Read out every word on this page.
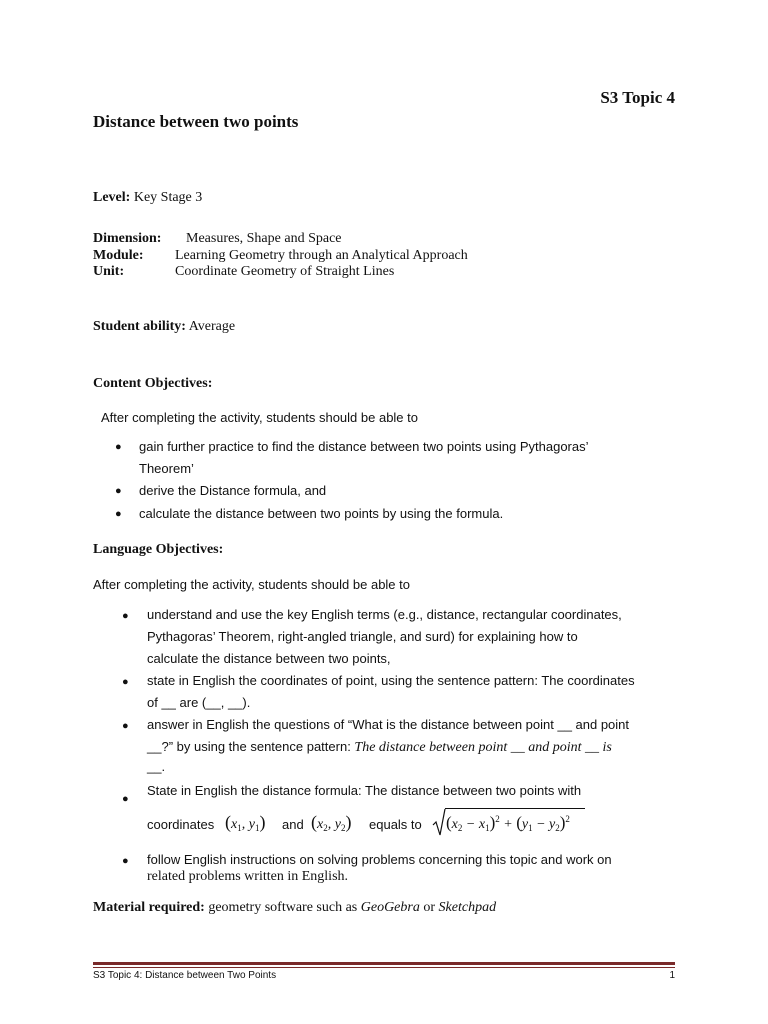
S3 Topic 4
Distance between two points
Level: Key Stage 3
Dimension: Measures, Shape and Space
Module: Learning Geometry through an Analytical Approach
Unit:	Coordinate Geometry of Straight Lines
Student ability: Average
Content Objectives:
After completing the activity, students should be able to
● gain further practice to find the distance between two points using Pythagoras’
Theorem’
● derive the Distance formula, and
● calculate the distance between two points by using the formula.
Language Objectives:
After completing the activity, students should be able to
● understand and use the key English terms (e.g., distance, rectangular coordinates,
Pythagoras’ Theorem, right-angled triangle, and surd) for explaining how to
calculate the distance between two points,
● state in English the coordinates of point, using the sentence pattern: The coordinates
of __ are (__, __).
● answer in English the questions of “What is the distance between point __ and point
__?” by using the sentence pattern: The distance between point __ and point __ is
__.
●
State in English the distance formula: The distance between two points with
coordinates ($x_1$, $y_1$) and ($x_2$, $y_2$) equals to $(x_2 - x_1)^2 + (y_1 - y_2)^2$
● follow English instructions on solving problems concerning this topic and work on
related problems written in English.
Material required: geometry software such as GeoGebra or Sketchpad
S3 Topic 4: Distance between Two Points	1
